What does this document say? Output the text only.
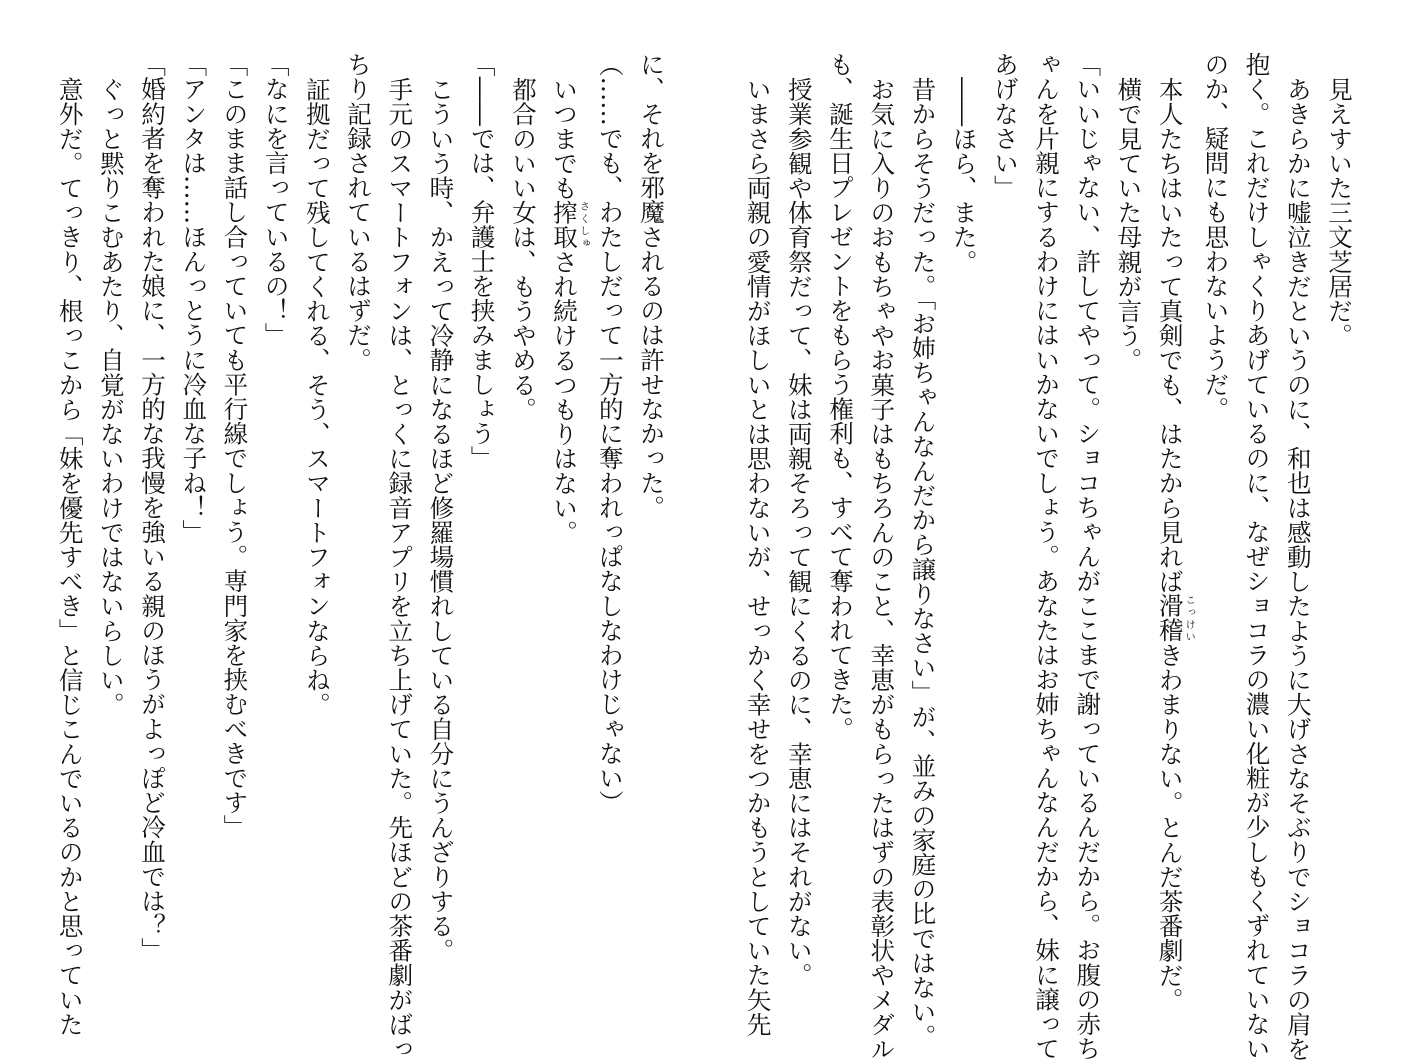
見えすいた三文芝居だ。
あきらかに嘘泣きだというのに、和也は感動したように大げさなそぶりでショコラの肩を
抱く。これだけしゃくりあげているのに、なぜショコラの濃い化粧が少しもくずれていない
のか、疑問にも思わないようだ。
本人たちはいたって真剣でも、はたから見れば滑稽こっけいきわまりない。とんだ茶番劇だ。
横で見ていた母親が言う。
「いいじゃない、許してやって。ショコちゃんがここまで謝っているんだから。お腹の赤ち
ゃんを片親にするわけにはいかないでしょう。あなたはお姉ちゃんなんだから、妹に譲って
あげなさい」
――ほら、また。
昔からそうだった。「お姉ちゃんなんだから譲りなさい」が、並みの家庭の比ではない。
お気に入りのおもちゃやお菓子はもちろんのこと、幸恵がもらったはずの表彰状やメダル
も、誕生日プレゼントをもらう権利も、すべて奪われてきた。
授業参観や体育祭だって、妹は両親そろって観にくるのに、幸恵にはそれがない。
いまさら両親の愛情がほしいとは思わないが、せっかく幸せをつかもうとしていた矢先
に、それを邪魔されるのは許せなかった。
（……でも、わたしだって一方的に奪われっぱなしなわけじゃない）
いつまでも搾取さくしゅされ続けるつもりはない。
都合のいい女は、もうやめる。
「――では、弁護士を挟みましょう」
こういう時、かえって冷静になるほど修羅場慣れしている自分にうんざりする。
手元のスマートフォンは、とっくに録音アプリを立ち上げていた。先ほどの茶番劇がばっ
ちり記録されているはずだ。
証拠だって残してくれる、そう、スマートフォンならね。
「なにを言っているの！」
「このまま話し合っていても平行線でしょう。専門家を挟むべきです」
「アンタは……ほんっとうに冷血な子ね！」
「婚約者を奪われた娘に、一方的な我慢を強いる親のほうがよっぽど冷血では？」
ぐっと黙りこむあたり、自覚がないわけではないらしい。
意外だ。てっきり、根っこから「妹を優先すべき」と信じこんでいるのかと思っていた
